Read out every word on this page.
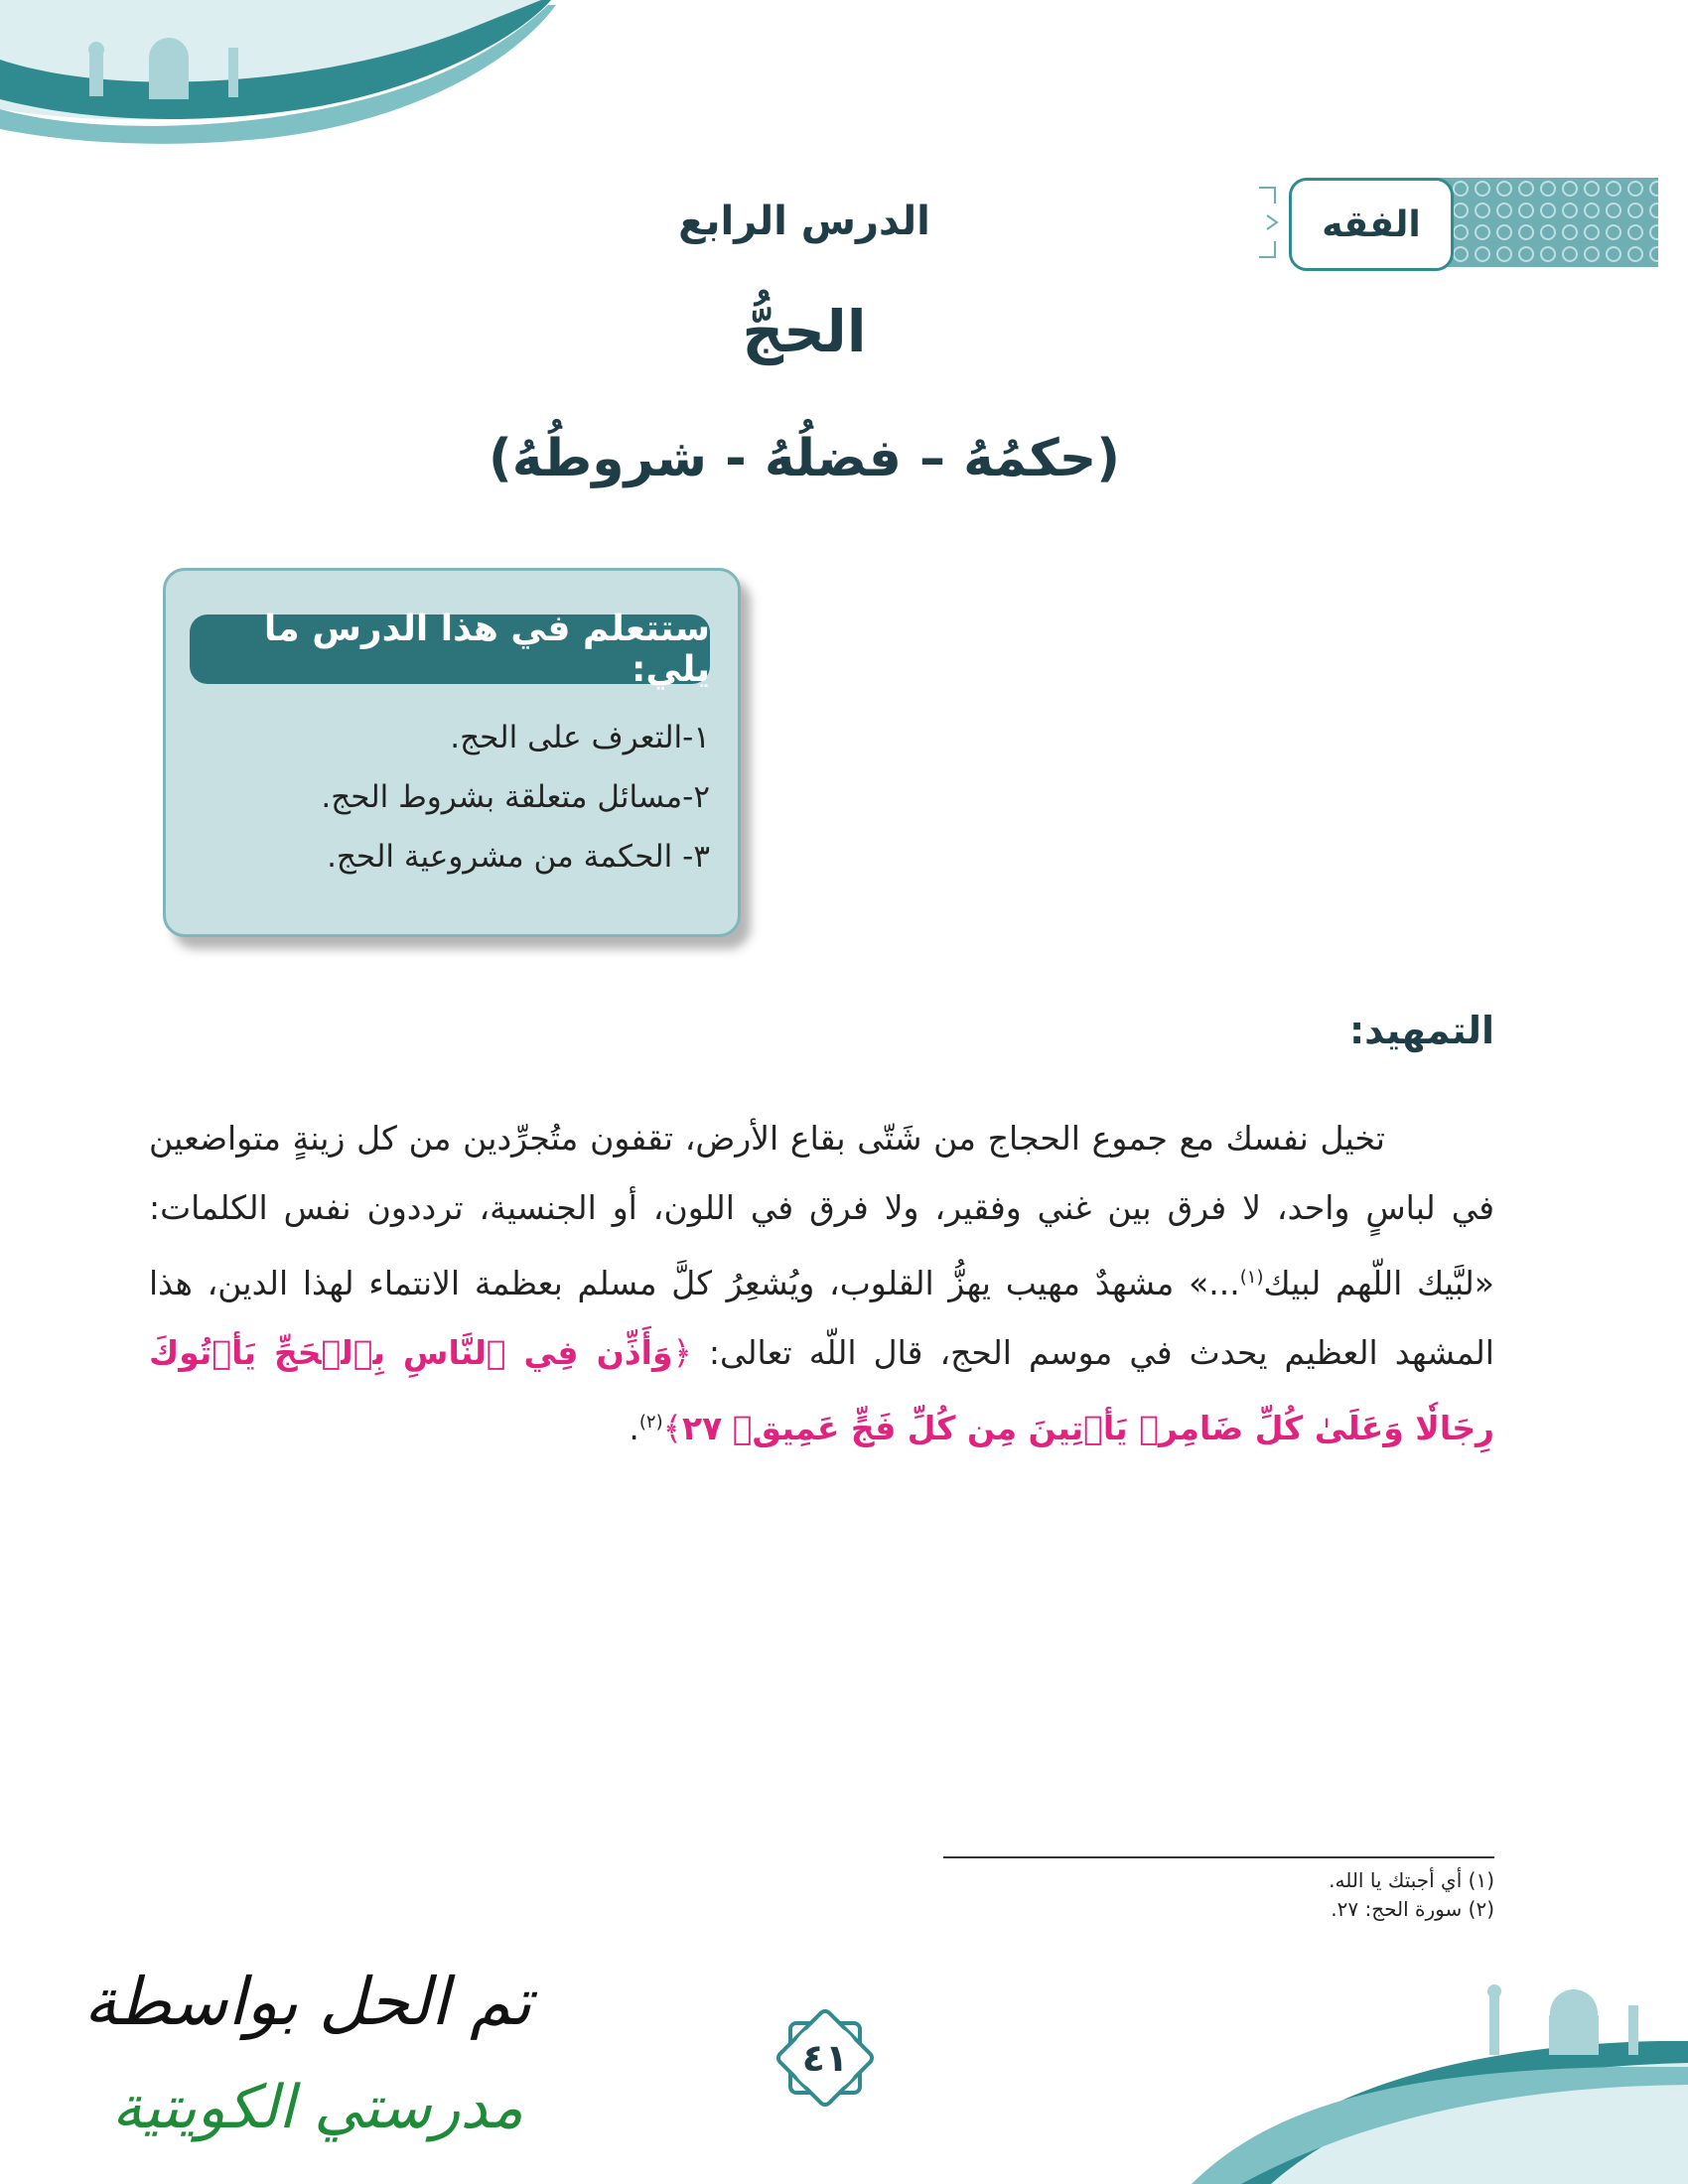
الفقه
الدرس الرابع
الحجُّ
(حكمُهُ – فضلُهُ - شروطُهُ)
ستتعلم في هذا الدرس ما يلي:
١-التعرف على الحج.
٢-مسائل متعلقة بشروط الحج.
٣- الحكمة من مشروعية الحج.
التمهيد:
تخيل نفسك مع جموع الحجاج من شَتّى بقاع الأرض، تقفون متُجرِّدين من كل زينةٍ متواضعين في لباسٍ واحد، لا فرق بين غني وفقير، ولا فرق في اللون، أو الجنسية، ترددون نفس الكلمات: «لبَّيك اللّهم لبيك$^{(١)}$...» مشهدٌ مهيب يهزُّ القلوب، ويُشعِرُ كلَّ مسلم بعظمة الانتماء لهذا الدين، هذا المشهد العظيم يحدث في موسم الحج، قال اللّه تعالى: ﴿وَأَذِّن فِي ٱلنَّاسِ بِٱلۡحَجِّ يَأۡتُوكَ رِجَالٗا وَعَلَىٰ كُلِّ ضَامِرٖ يَأۡتِينَ مِن كُلِّ فَجٍّ عَمِيقٖ ٢٧﴾$^{(٢)}$.
(١) أي أجبتك يا الله.
(٢) سورة الحج: ٢٧.
٤١
تم الحل بواسطة
مدرستي الكويتية
